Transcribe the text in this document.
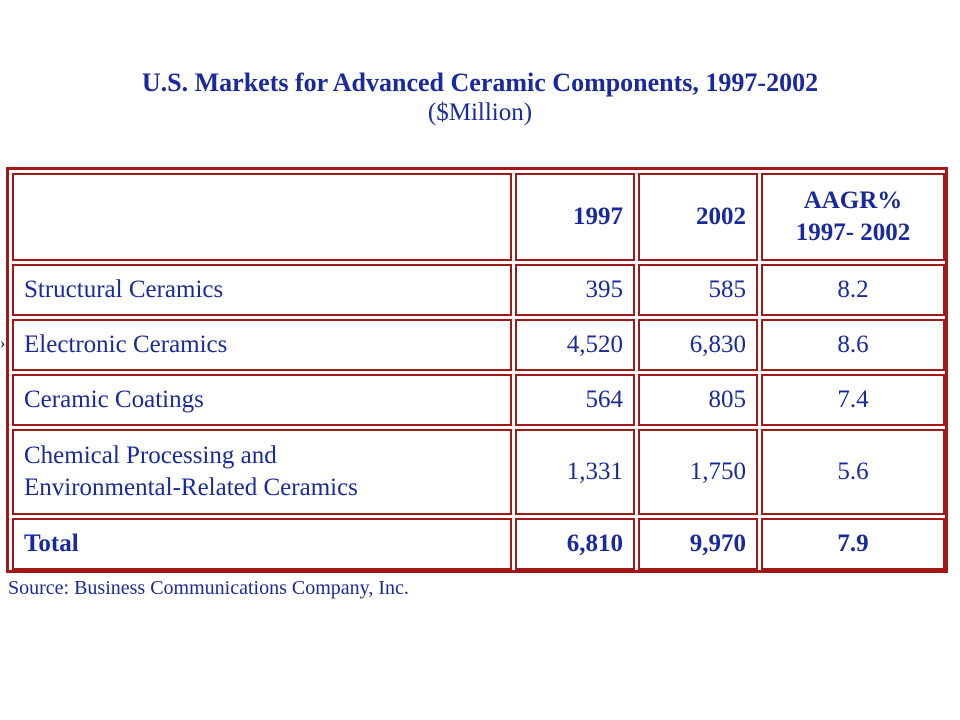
U.S. Markets for Advanced Ceramic Components, 1997-2002
($Million)
›
	1997	2002	AAGR%
1997- 2002

Structural Ceramics	395	585	8.2
Electronic Ceramics	4,520	6,830	8.6
Ceramic Coatings	564	805	7.4

Chemical Processing and
Environmental-Related Ceramics	1,331	1,750	5.6
Total	6,810	9,970	7.9
Source: Business Communications Company, Inc.
